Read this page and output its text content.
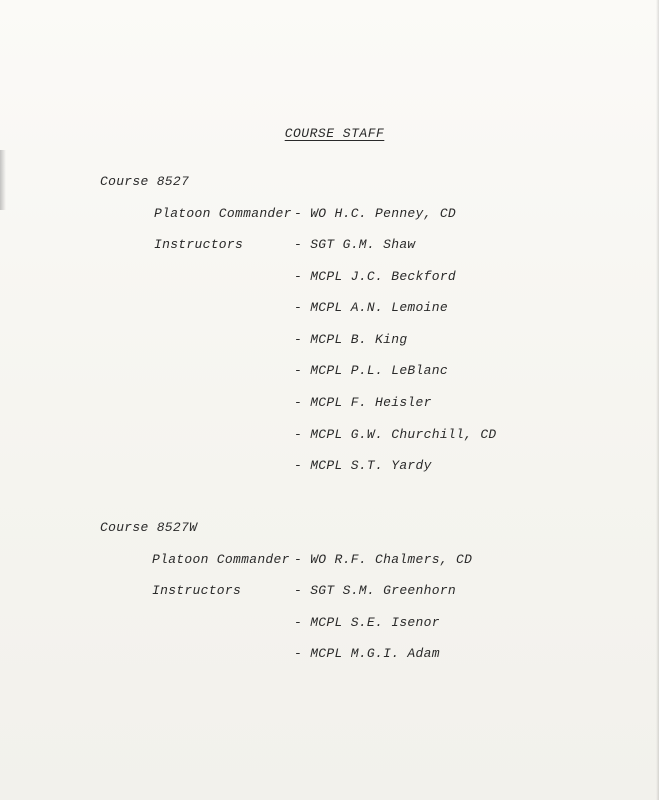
COURSE STAFF
Course 8527
Platoon Commander - WO H.C. Penney, CD
Instructors	- SGT G.M. Shaw
- MCPL J.C. Beckford
- MCPL A.N. Lemoine
- MCPL B. King
- MCPL P.L. LeBlanc
- MCPL F. Heisler
- MCPL G.W. Churchill, CD
- MCPL S.T. Yardy
Course 8527W
Platoon Commander - WO R.F. Chalmers, CD
Instructors	- SGT S.M. Greenhorn
- MCPL S.E. Isenor
- MCPL M.G.I. Adam
